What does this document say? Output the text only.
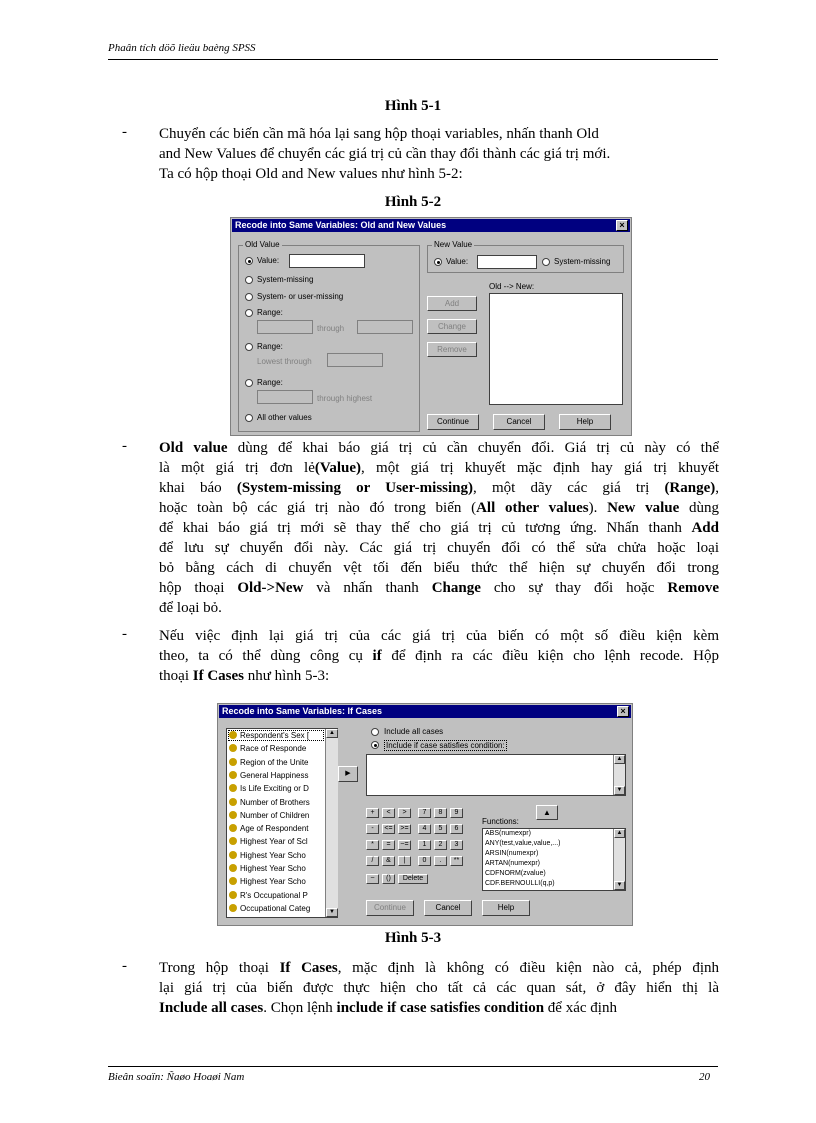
Phaân tích döõ lieäu baèng SPSS
Hình 5-1
- Chuyển các biến cần mã hóa lại sang hộp thoại variables, nhấn thanh Old
and New Values để chuyển các giá trị củ cần thay đổi thành các giá trị mới.
Ta có hộp thoại Old and New values như hình 5-2:
Hình 5-2
Recode into Same Variables: Old and New Values	×
Old Value
Value:
System-missing
System- or user-missing
Range:
through
Range:
Lowest through
Range:
through highest
All other values
New Value
Value:	System-missing
Old --> New:
Add
Change
Remove
Continue	Cancel	Help
- Old value dùng để khai báo giá trị củ cần chuyển đổi. Giá trị củ này có thể
là một giá trị đơn lẻ(Value), một giá trị khuyết mặc định hay giá trị khuyết
khai báo (System-missing or User-missing), một dãy các giá trị (Range),
hoặc toàn bộ các giá trị nào đó trong biến (All other values). New value dùng
để khai báo giá trị mới sẽ thay thế cho giá trị củ tương ứng. Nhấn thanh Add
để lưu sự chuyển đổi này. Các giá trị chuyển đổi có thể sửa chửa hoặc loại
bỏ bằng cách di chuyển vệt tối đến biểu thức thể hiện sự chuyển đổi trong
hộp thoại Old->New và nhấn thanh Change cho sự thay đổi hoặc Remove
để loại bỏ.
- Nếu việc định lại giá trị của các giá trị của biến có một số điều kiện kèm
theo, ta có thể dùng công cụ if để định ra các điều kiện cho lệnh recode. Hộp
thoại If Cases như hình 5-3:
Recode into Same Variables: If Cases	×
▲
▼
Respondent's Sex [
Race of Responde
Region of the Unite
General Happiness
Is Life Exciting or D
Number of Brothers
Number of Children
Age of Respondent
Highest Year of Scl
Highest Year Scho
Highest Year Scho
Highest Year Scho
R's Occupational P
Occupational Categ
Include all cases
Include if case satisfies condition:
▶
▲
▼
+	<	>	7	8	9
-	<=	>=	4	5	6
*	=	~=	1	2	3
/	&	|	0	.	**
~	()	Delete
Functions:
▲
▲
▼
ABS(numexpr)
ANY(test,value,value,...)
ARSIN(numexpr)
ARTAN(numexpr)
CDFNORM(zvalue)
CDF.BERNOULLI(q,p)
Continue	Cancel	Help
Hình 5-3
- Trong hộp thoại If Cases, mặc định là không có điều kiện nào cả, phép định
lại giá trị của biến được thực hiện cho tất cả các quan sát, ở đây hiển thị là
Include all cases. Chọn lệnh include if case satisfies condition để xác định
Bieân soaïn: Ñaøo Hoaøi Nam	20
